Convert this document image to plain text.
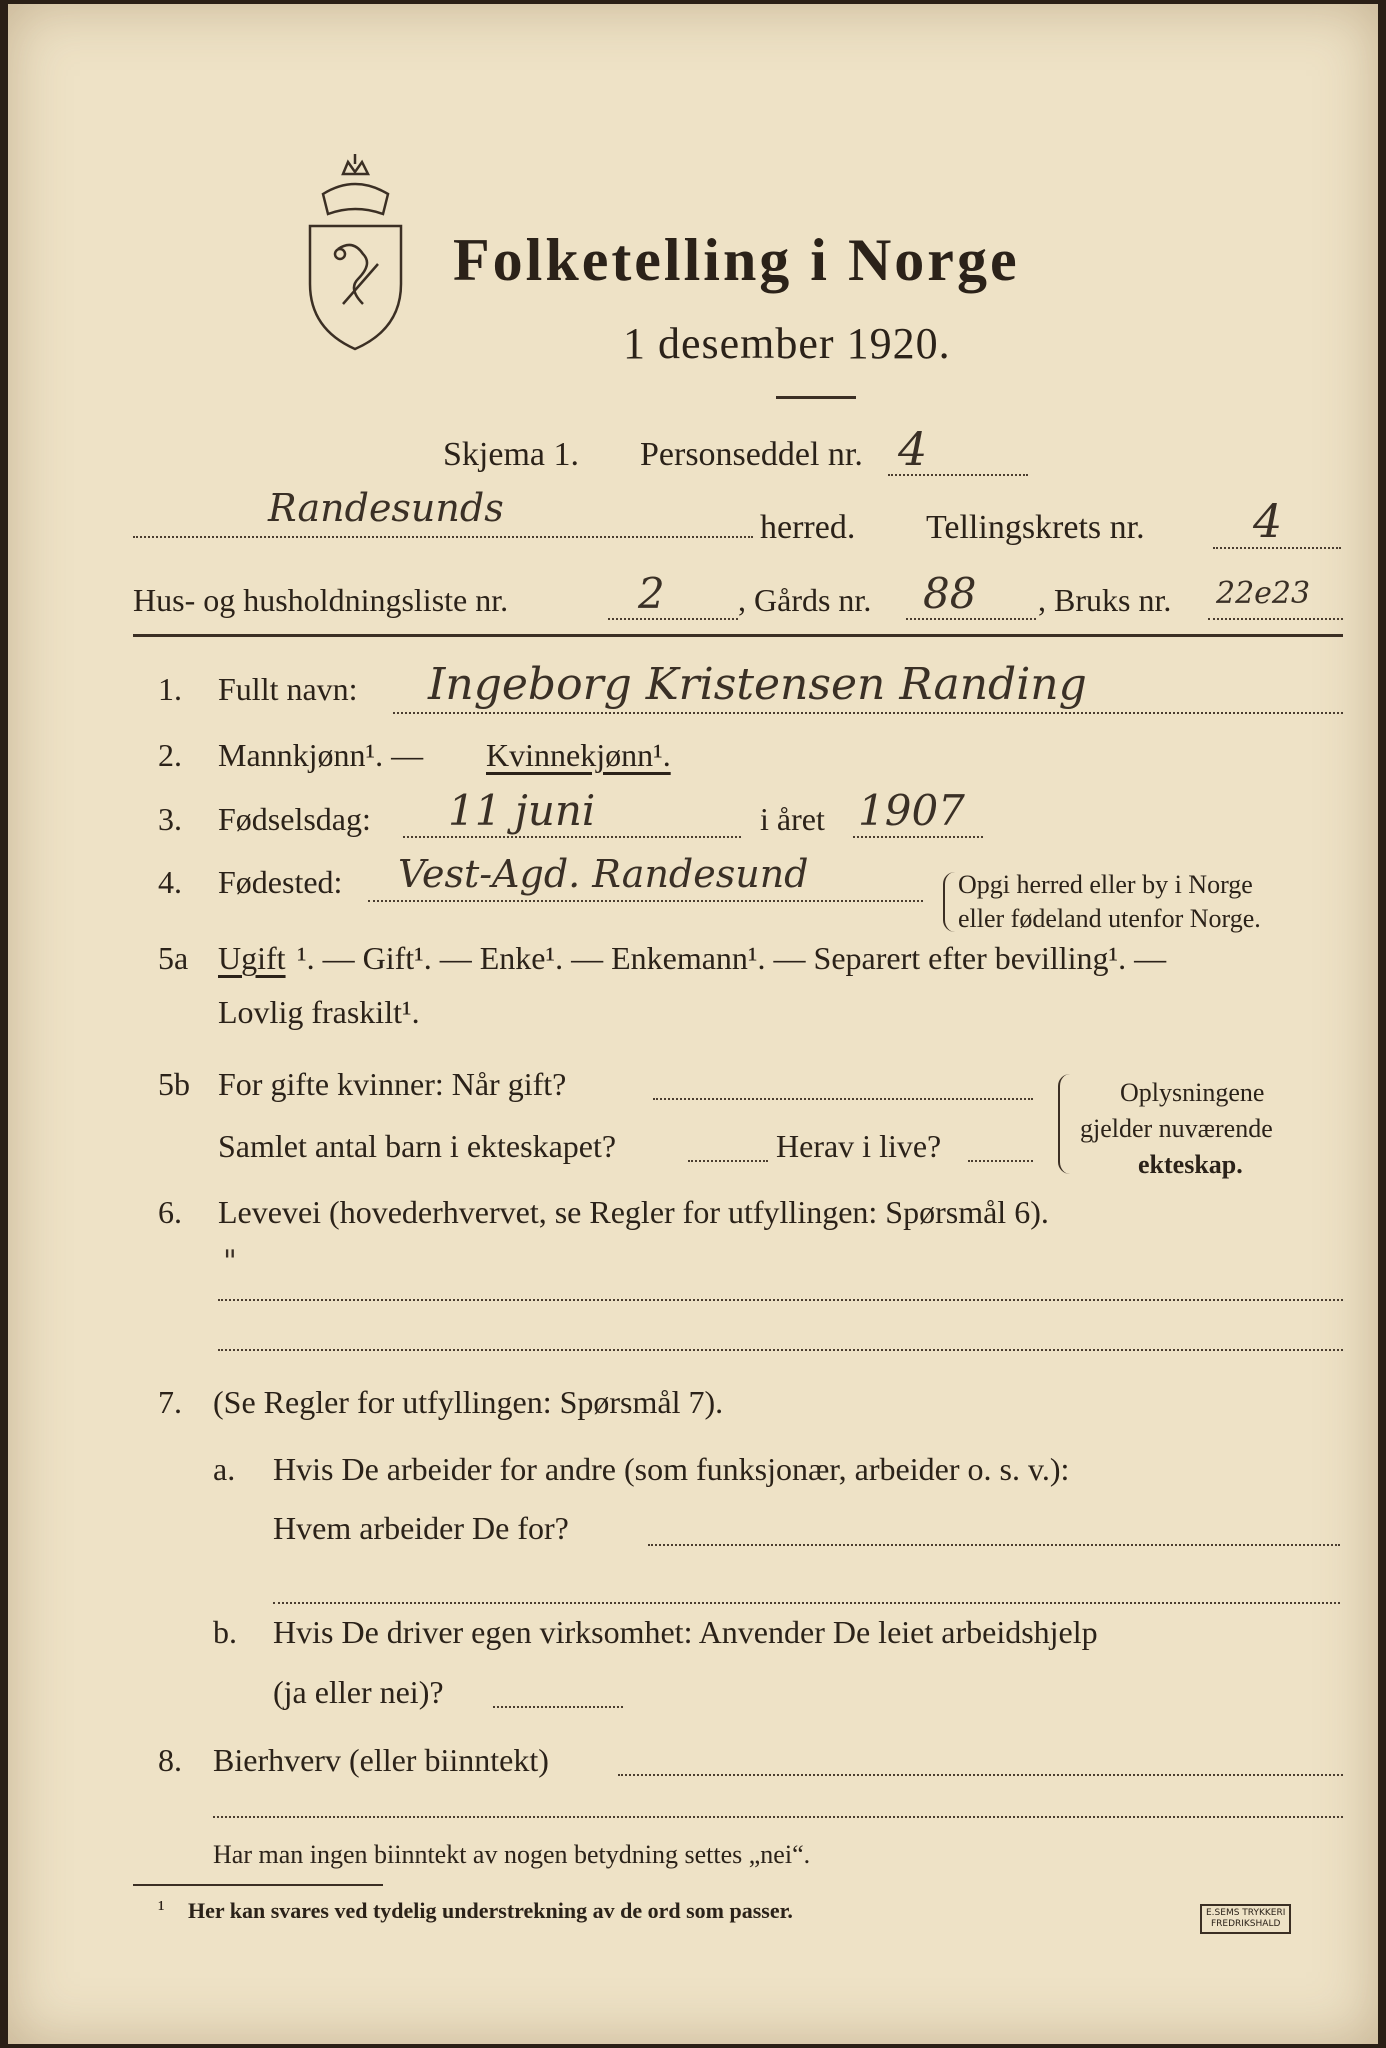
Folketelling i Norge
1 desember 1920.
Skjema 1. Personseddel nr. 4
Randesunds	herred. Tellingskrets nr. 4
Hus- og husholdningsliste nr.	2 , Gårds nr. 88 , Bruks nr. 22e23
1. Fullt navn: Ingeborg Kristensen Randing
2. Mannkjønn¹. — Kvinnekjønn¹.
3. Fødselsdag: 11 juni	i året 1907
4. Fødested: Vest-Agd. Randesund	Opgi herred eller by i Norge
eller fødeland utenfor Norge.
5a Ugift ¹. — Gift¹. — Enke¹. — Enkemann¹. — Separert efter bevilling¹. —
Lovlig fraskilt¹.
5b For gifte kvinner: Når gift?
Samlet antal barn i ekteskapet?	Herav i live?
Oplysningene
gjelder nuværende
ekteskap.
6. Levevei (hovederhvervet, se Regler for utfyllingen: Spørsmål 6).
"
7. (Se Regler for utfyllingen: Spørsmål 7).
a. Hvis De arbeider for andre (som funksjonær, arbeider o. s. v.):
Hvem arbeider De for?
b. Hvis De driver egen virksomhet: Anvender De leiet arbeidshjelp
(ja eller nei)?
8. Bierhverv (eller biinntekt)
Har man ingen biinntekt av nogen betydning settes „nei“.
¹ Her kan svares ved tydelig understrekning av de ord som passer.	E.SEMS TRYKKERI
FREDRIKSHALD
